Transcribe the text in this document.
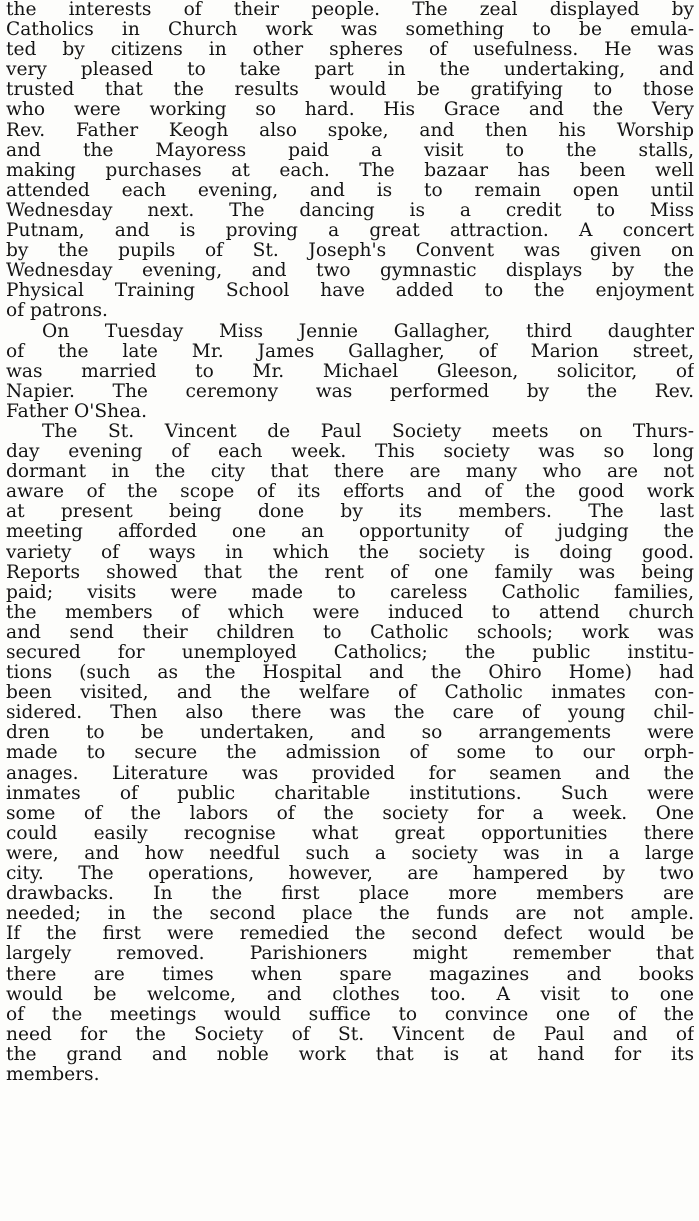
the interests of their people. The zeal displayed by
Catholics in Church work was something to be emula-
ted by citizens in other spheres of usefulness. He was
very pleased to take part in the undertaking, and
trusted that the results would be gratifying to those
who were working so hard. His Grace and the Very
Rev. Father Keogh also spoke, and then his Worship
and the Mayoress paid a visit to the stalls,
making purchases at each. The bazaar has been well
attended each evening, and is to remain open until
Wednesday next. The dancing is a credit to Miss
Putnam, and is proving a great attraction. A concert
by the pupils of St. Joseph's Convent was given on
Wednesday evening, and two gymnastic displays by the
Physical Training School have added to the enjoyment
of patrons.
On Tuesday Miss Jennie Gallagher, third daughter
of the late Mr. James Gallagher, of Marion street,
was married to Mr. Michael Gleeson, solicitor, of
Napier. The ceremony was performed by the Rev.
Father O'Shea.
The St. Vincent de Paul Society meets on Thurs-
day evening of each week. This society was so long
dormant in the city that there are many who are not
aware of the scope of its efforts and of the good work
at present being done by its members. The last
meeting afforded one an opportunity of judging the
variety of ways in which the society is doing good.
Reports showed that the rent of one family was being
paid; visits were made to careless Catholic families,
the members of which were induced to attend church
and send their children to Catholic schools; work was
secured for unemployed Catholics; the public institu-
tions (such as the Hospital and the Ohiro Home) had
been visited, and the welfare of Catholic inmates con-
sidered. Then also there was the care of young chil-
dren to be undertaken, and so arrangements were
made to secure the admission of some to our orph-
anages. Literature was provided for seamen and the
inmates of public charitable institutions. Such were
some of the labors of the society for a week. One
could easily recognise what great opportunities there
were, and how needful such a society was in a large
city. The operations, however, are hampered by two
drawbacks. In the first place more members are
needed; in the second place the funds are not ample.
If the first were remedied the second defect would be
largely removed. Parishioners might remember that
there are times when spare magazines and books
would be welcome, and clothes too. A visit to one
of the meetings would suffice to convince one of the
need for the Society of St. Vincent de Paul and of
the grand and noble work that is at hand for its
members.
